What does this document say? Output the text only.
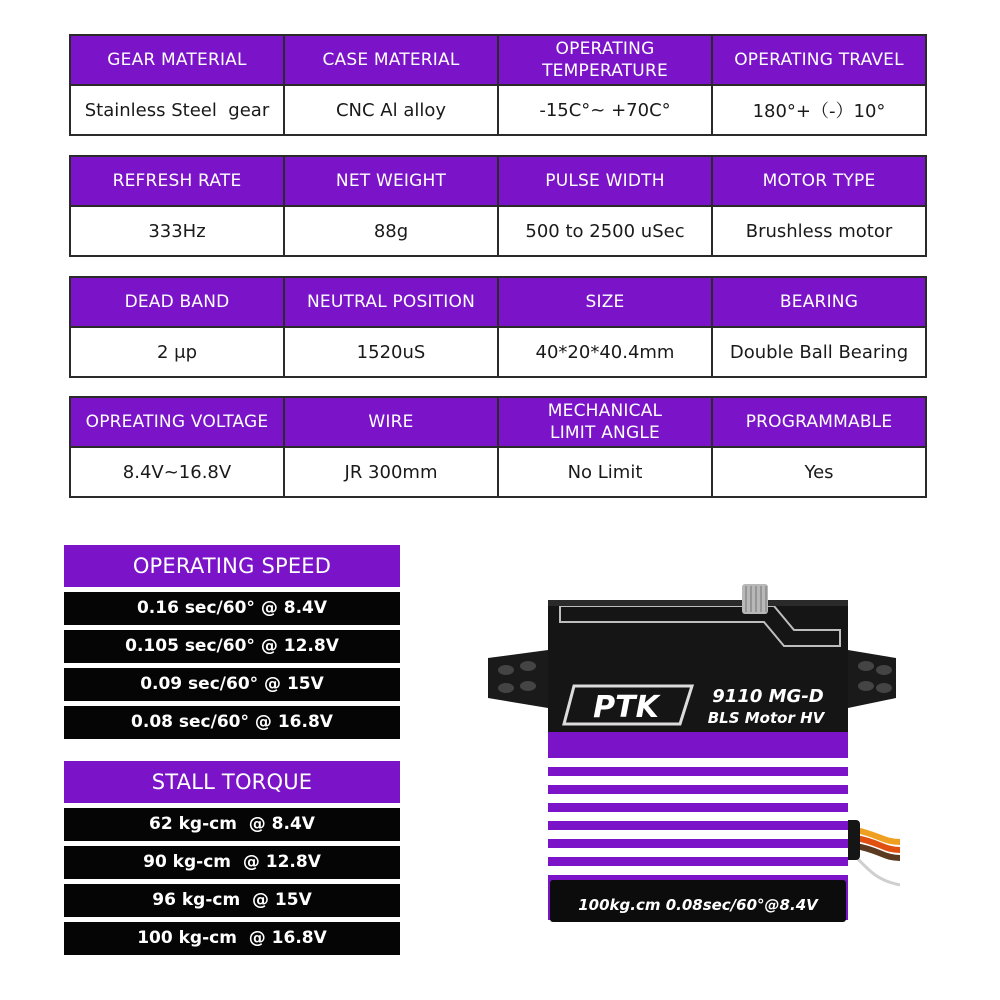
GEAR MATERIAL	CASE MATERIAL	OPERATING TEMPERATURE	OPERATING TRAVEL
Stainless Steel  gear	CNC Al alloy	-15C°~ +70C°	180°+（-）10°
REFRESH RATE	NET WEIGHT	PULSE WIDTH	MOTOR TYPE
333Hz	88g	500 to 2500 uSec	Brushless motor
DEAD BAND	NEUTRAL POSITION	SIZE	BEARING
2 μp	1520uS	40*20*40.4mm	Double Ball Bearing
OPREATING VOLTAGE	WIRE	MECHANICAL LIMIT ANGLE	PROGRAMMABLE
8.4V~16.8V	JR 300mm	No Limit	Yes
OPERATING SPEED
0.16 sec/60° @ 8.4V
0.105 sec/60° @ 12.8V
0.09 sec/60° @ 15V
0.08 sec/60° @ 16.8V
STALL TORQUE
62 kg-cm  @ 8.4V
90 kg-cm  @ 12.8V
96 kg-cm  @ 15V
100 kg-cm  @ 16.8V
PTK	9110 MG-D
BLS Motor HV
100kg.cm 0.08sec/60°@8.4V
